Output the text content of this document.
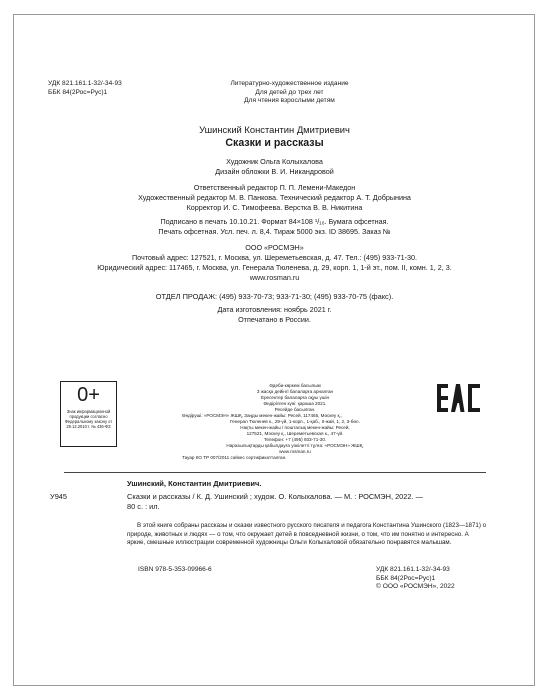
УДК 821.161.1-32/-34-93
ББК 84(2Рос=Рус)1
Литературно-художественное издание
Для детей до трех лет
Для чтения взрослыми детям
Ушинский Константин Дмитриевич
Сказки и рассказы
Художник Ольга Колыхалова
Дизайн обложки В. И. Никандровой
Ответственный редактор П. П. Лемени-Македон
Художественный редактор М. В. Панкова. Технический редактор А. Т. Добрынина
Корректор И. С. Тимофеева. Верстка В. В. Никитина
Подписано в печать 10.10.21. Формат 84×108 ¹/₁₆. Бумага офсетная.
Печать офсетная. Усл. печ. л. 8,4. Тираж 5000 экз. ID 38695. Заказ №
ООО «РОСМЭН»
Почтовый адрес: 127521, г. Москва, ул. Шереметьевская, д. 47. Тел.: (495) 933-71-30.
Юридический адрес: 117465, г. Москва, ул. Генерала Тюленева, д. 29, корп. 1, 1-й эт., пом. II, комн. 1, 2, 3.
www.rosman.ru
ОТДЕЛ ПРОДАЖ: (495) 933-70-73; 933-71-30; (495) 933-70-75 (факс).
Дата изготовления: ноябрь 2021 г.
Отпечатано в России.
0+
Знак информационной продукции согласно Федеральному закону от 29.12.2010 г. № 436-ФЗ
Әдеби-көркем басылым
3 жасқа дейінгі балаларға арналған
Ересектер балаларға оқуы үшін
Өндірілген күні: қараша 2021.
Ресейде басылған.
Өндіруші: «РОСМЭН» ЖШҚ, Заңды мекен-жайы: Ресей, 117465, Мәскеу қ.,
Генерал Тюленев к., 29-үй, 1-корп., 1-қаб., II-жай, 1, 2, 3-бөл.
Нақты мекен-жайы / пошталық мекен-жайы: Ресей,
127521, Мәскеу қ., Шереметьевская к., 47-үй.
Телефон: +7 (495) 933-71-30.
Наразылықтарды қабылдауға уәкілетті тұлға: «РОСМЭН» ЖШҚ,
www.rosman.ru
Тауар КО ТР 007/2011 сәйкес сертификатталған.
Ушинский, Константин Дмитриевич.
У945	Сказки и рассказы / К. Д. Ушинский ; худож. О. Колыхалова. — М. : РОСМЭН, 2022. —
80 с. : ил.
В этой книге собраны рассказы и сказки известного русского писателя и педагога Константина Ушинского (1823—1871) о природе, животных и людях — о том, что окружает детей в повседневной жизни, о том, что им понятно и интересно. А яркие, смешные иллюстрации современной художницы Ольги Колыхаловой обязательно понравятся малышам.
ISBN 978-5-353-09966-6	УДК 821.161.1-32/-34-93
ББК 84(2Рос=Рус)1
© ООО «РОСМЭН», 2022
